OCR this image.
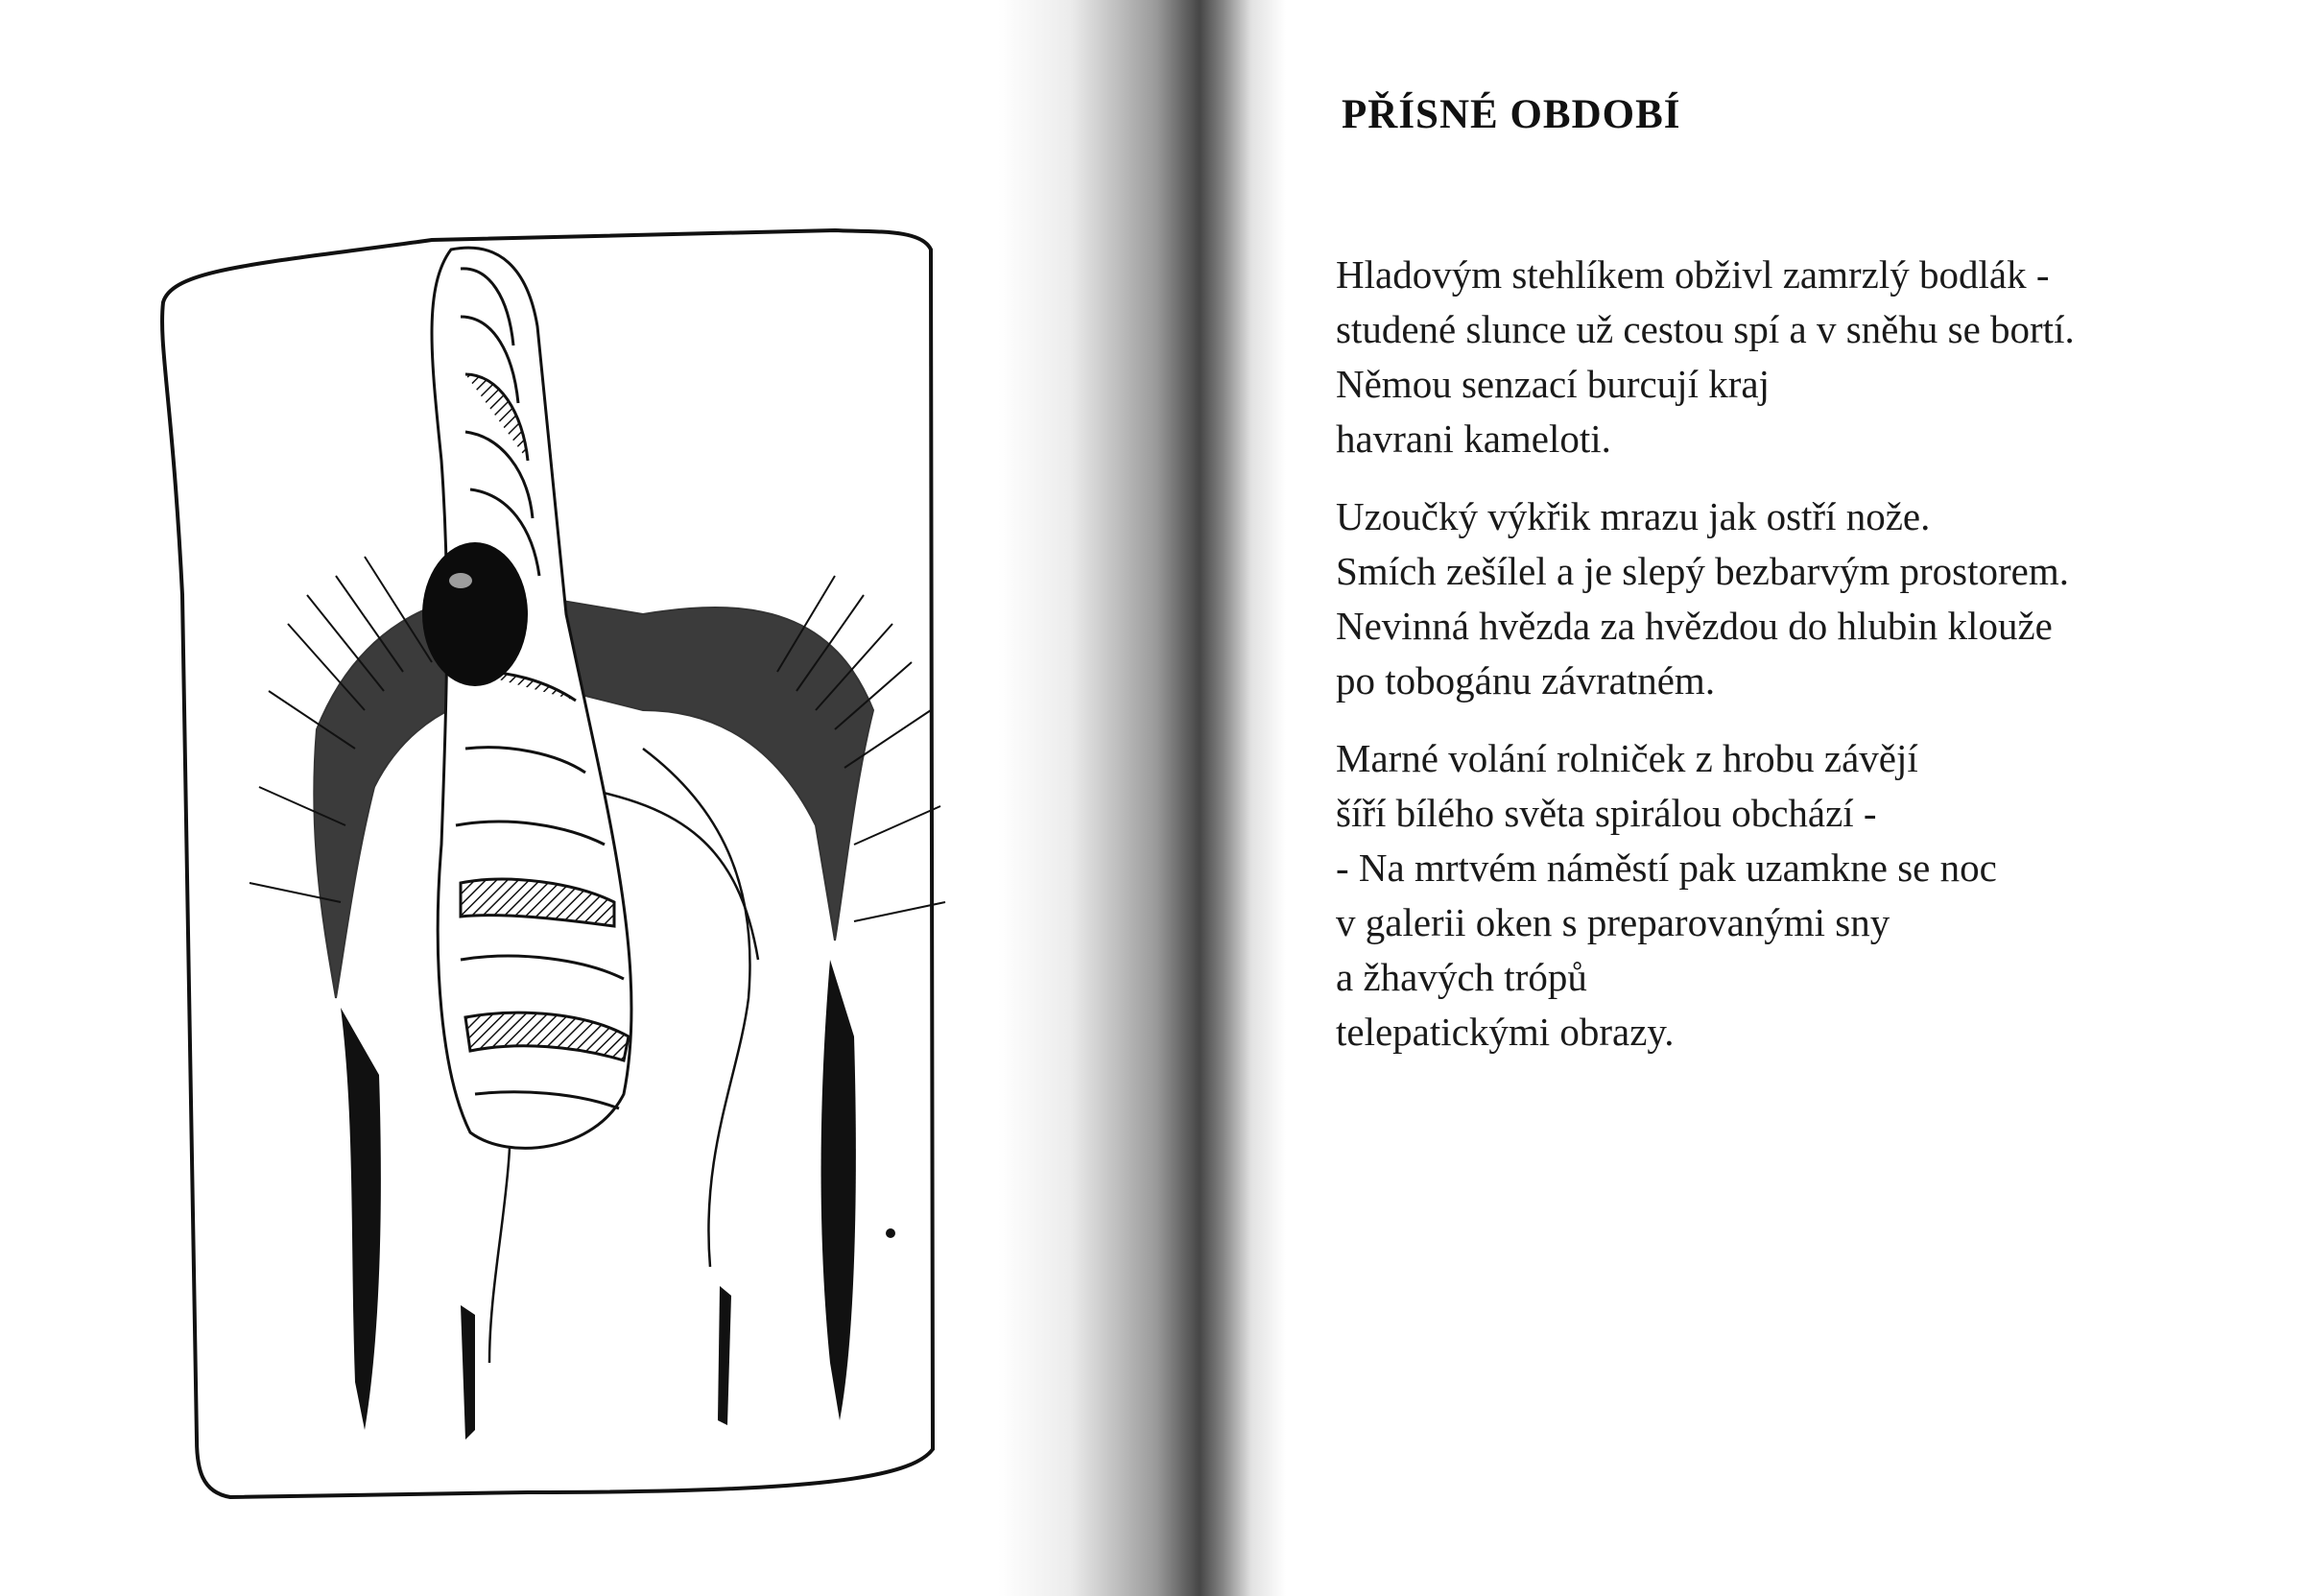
PŘÍSNÉ OBDOBÍ

Hladovým stehlíkem obživl zamrzlý bodlák -
studené slunce už cestou spí a v sněhu se bortí.
Němou senzací burcují kraj
havrani kameloti.

Uzoučký výkřik mrazu jak ostří nože.
Smích zešílel a je slepý bezbarvým prostorem.
Nevinná hvězda za hvězdou do hlubin klouže
po tobogánu závratném.

Marné volání rolniček z hrobu závějí
šíří bílého světa spirálou obchází -
- Na mrtvém náměstí pak uzamkne se noc
v galerii oken s preparovanými sny
a žhavých trópů
telepatickými obrazy.
